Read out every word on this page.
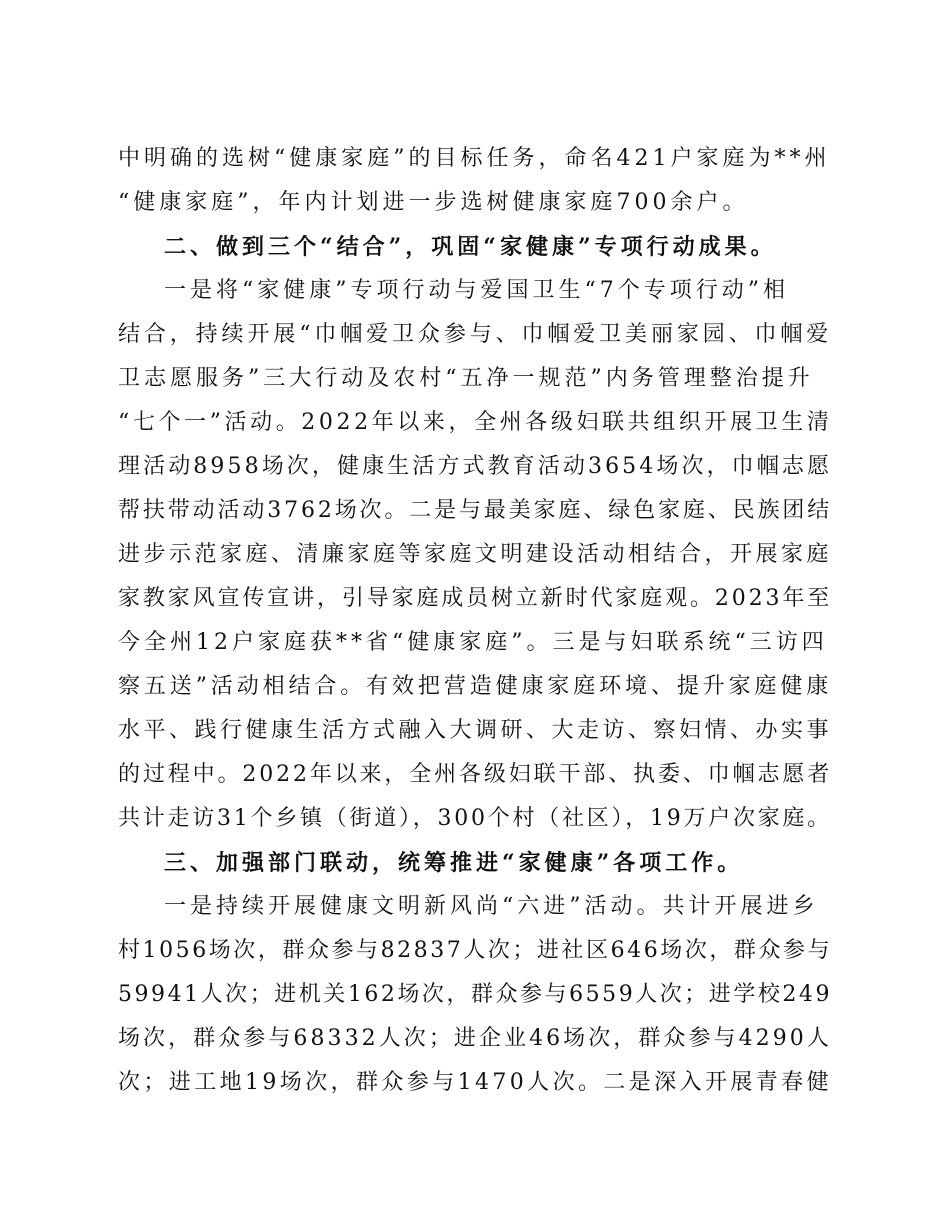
中明确的选树“健康家庭”的目标任务，命名421户家庭为**州
“健康家庭”，年内计划进一步选树健康家庭700余户。
二、做到三个“结合”，巩固“家健康”专项行动成果。
一是将“家健康”专项行动与爱国卫生“7个专项行动”相
结合，持续开展“巾帼爱卫众参与、巾帼爱卫美丽家园、巾帼爱
卫志愿服务”三大行动及农村“五净一规范”内务管理整治提升
“七个一”活动。2022年以来，全州各级妇联共组织开展卫生清
理活动8958场次，健康生活方式教育活动3654场次，巾帼志愿
帮扶带动活动3762场次。二是与最美家庭、绿色家庭、民族团结
进步示范家庭、清廉家庭等家庭文明建设活动相结合，开展家庭
家教家风宣传宣讲，引导家庭成员树立新时代家庭观。2023年至
今全州12户家庭获**省“健康家庭”。三是与妇联系统“三访四
察五送”活动相结合。有效把营造健康家庭环境、提升家庭健康
水平、践行健康生活方式融入大调研、大走访、察妇情、办实事
的过程中。2022年以来，全州各级妇联干部、执委、巾帼志愿者
共计走访31个乡镇（街道），300个村（社区），19万户次家庭。
三、加强部门联动，统筹推进“家健康”各项工作。
一是持续开展健康文明新风尚“六进”活动。共计开展进乡
村1056场次，群众参与82837人次；进社区646场次，群众参与
59941人次；进机关162场次，群众参与6559人次；进学校249
场次，群众参与68332人次；进企业46场次，群众参与4290人
次；进工地19场次，群众参与1470人次。二是深入开展青春健
